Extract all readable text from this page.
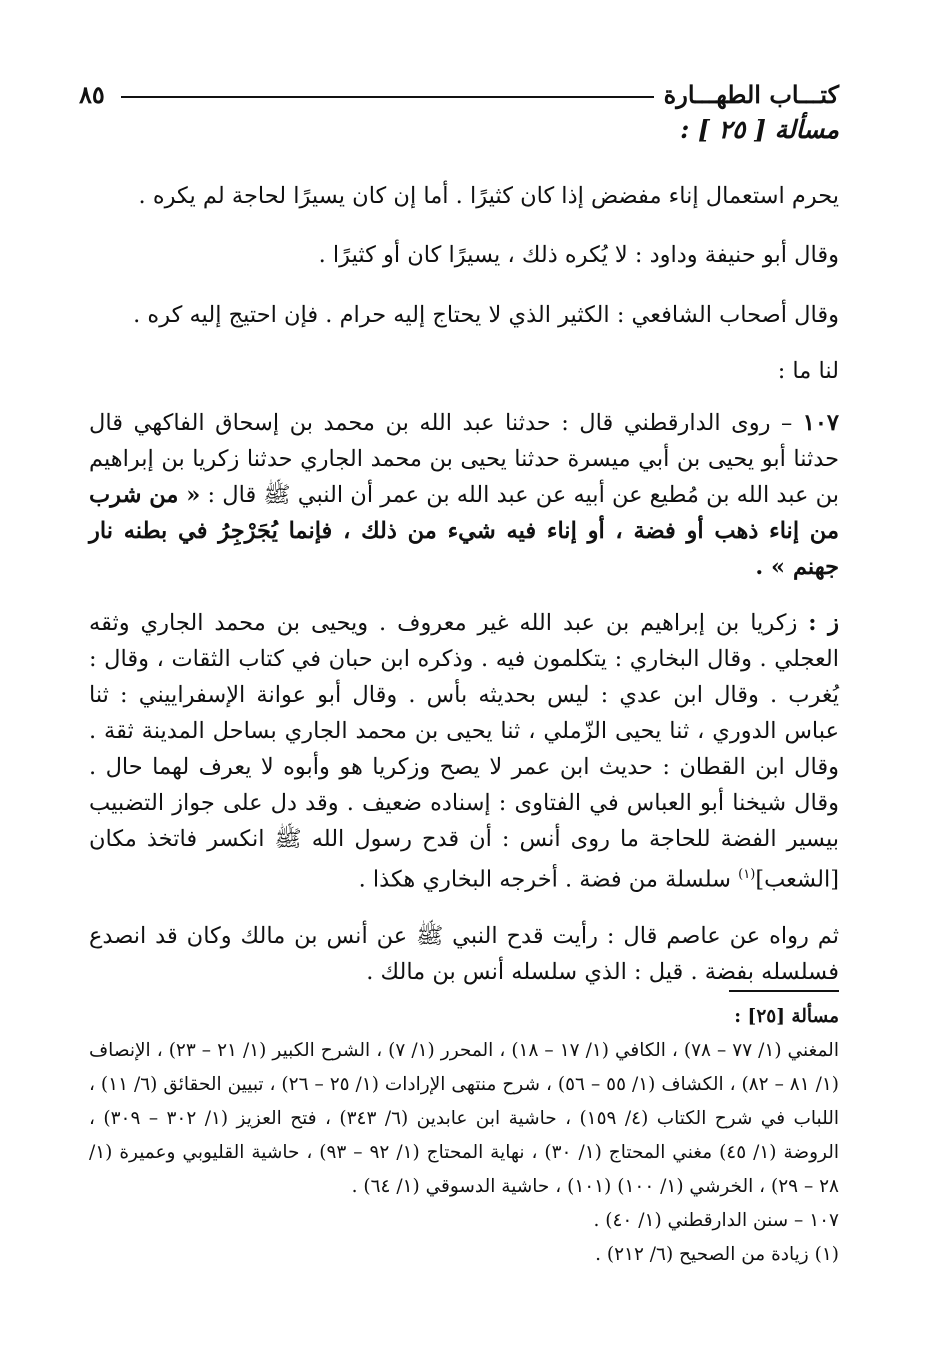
كتـــاب الطهـــارة
٨٥
مسألة [ ٢٥ ] :

يحرم استعمال إناء مفضض إذا كان كثيرًا . أما إن كان يسيرًا لحاجة لم يكره .

وقال أبو حنيفة وداود : لا يُكره ذلك ، يسيرًا كان أو كثيرًا .

وقال أصحاب الشافعي : الكثير الذي لا يحتاج إليه حرام . فإن احتيج إليه كره .

لنا ما :

١٠٧ – روى الدارقطني قال : حدثنا عبد الله بن محمد بن إسحاق الفاكهي قال حدثنا أبو يحيى بن أبي ميسرة حدثنا يحيى بن محمد الجاري حدثنا زكريا بن إبراهيم بن عبد الله بن مُطيع عن أبيه عن عبد الله بن عمر أن النبي ﷺ قال : « من شرب من إناء ذهب أو فضة ، أو إناء فيه شيء من ذلك ، فإنما يُجَرْجِرُ في بطنه نار جهنم » .

ز : زكريا بن إبراهيم بن عبد الله غير معروف . ويحيى بن محمد الجاري وثقه العجلي . وقال البخاري : يتكلمون فيه . وذكره ابن حبان في كتاب الثقات ، وقال : يُغرب . وقال ابن عدي : ليس بحديثه بأس . وقال أبو عوانة الإسفراييني : ثنا عباس الدوري ، ثنا يحيى الزّملي ، ثنا يحيى بن محمد الجاري بساحل المدينة ثقة . وقال ابن القطان : حديث ابن عمر لا يصح وزكريا هو وأبوه لا يعرف لهما حال . وقال شيخنا أبو العباس في الفتاوى : إسناده ضعيف . وقد دل على جواز التضبيب بيسير الفضة للحاجة ما روى أنس : أن قدح رسول الله ﷺ انكسر فاتخذ مكان [الشعب]$^{(١)}$ سلسلة من فضة . أخرجه البخاري هكذا .

ثم رواه عن عاصم قال : رأيت قدح النبي ﷺ عن أنس بن مالك وكان قد انصدع فسلسله بفضة . قيل : الذي سلسله أنس بن مالك .

مسألة [٢٥] :
المغني (١/ ٧٧ – ٧٨) ، الكافي (١/ ١٧ – ١٨) ، المحرر (١/ ٧) ، الشرح الكبير (١/ ٢١ – ٢٣) ، الإنصاف (١/ ٨١ – ٨٢) ، الكشاف (١/ ٥٥ – ٥٦) ، شرح منتهى الإرادات (١/ ٢٥ – ٢٦) ، تبيين الحقائق (٦/ ١١) ، اللباب في شرح الكتاب (٤/ ١٥٩) ، حاشية ابن عابدين (٦/ ٣٤٣) ، فتح العزيز (١/ ٣٠٢ – ٣٠٩) ، الروضة (١/ ٤٥) مغني المحتاج (١/ ٣٠) ، نهاية المحتاج (١/ ٩٢ – ٩٣) ، حاشية القليوبي وعميرة (١/ ٢٨ – ٢٩) ، الخرشي (١/ ١٠٠) (١٠١) ، حاشية الدسوقي (١/ ٦٤) .
١٠٧ – سنن الدارقطني (١/ ٤٠) .
(١) زيادة من الصحيح (٦/ ٢١٢) .
